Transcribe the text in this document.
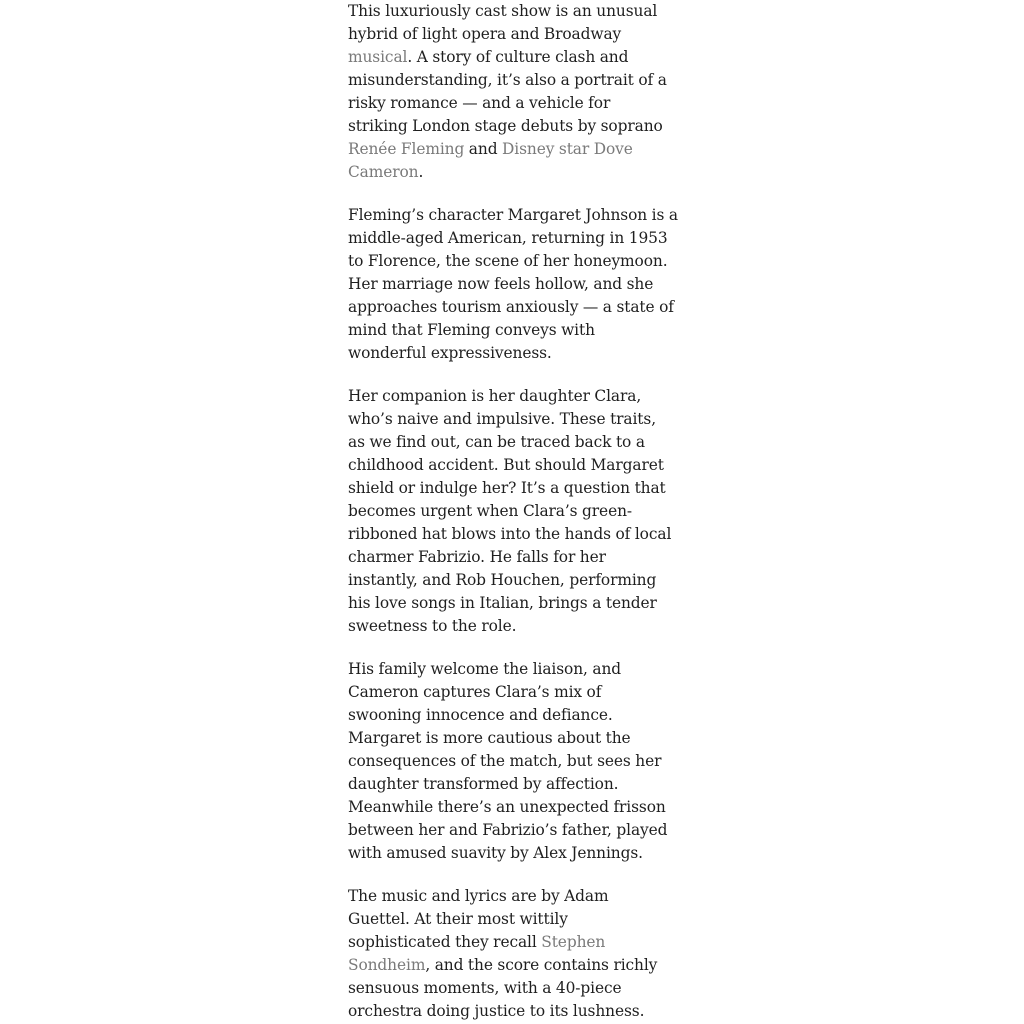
This luxuriously cast show is an unusual
hybrid of light opera and Broadway
musical. A story of culture clash and
misunderstanding, it’s also a portrait of a
risky romance — and a vehicle for
striking London stage debuts by soprano
Renée Fleming and Disney star Dove
Cameron.

Fleming’s character Margaret Johnson is a
middle-aged American, returning in 1953
to Florence, the scene of her honeymoon.
Her marriage now feels hollow, and she
approaches tourism anxiously — a state of
mind that Fleming conveys with
wonderful expressiveness.

Her companion is her daughter Clara,
who’s naive and impulsive. These traits,
as we find out, can be traced back to a
childhood accident. But should Margaret
shield or indulge her? It’s a question that
becomes urgent when Clara’s green-
ribboned hat blows into the hands of local
charmer Fabrizio. He falls for her
instantly, and Rob Houchen, performing
his love songs in Italian, brings a tender
sweetness to the role.

His family welcome the liaison, and
Cameron captures Clara’s mix of
swooning innocence and defiance.
Margaret is more cautious about the
consequences of the match, but sees her
daughter transformed by affection.
Meanwhile there’s an unexpected frisson
between her and Fabrizio’s father, played
with amused suavity by Alex Jennings.

The music and lyrics are by Adam
Guettel. At their most wittily
sophisticated they recall Stephen
Sondheim, and the score contains richly
sensuous moments, with a 40-piece
orchestra doing justice to its lushness.
